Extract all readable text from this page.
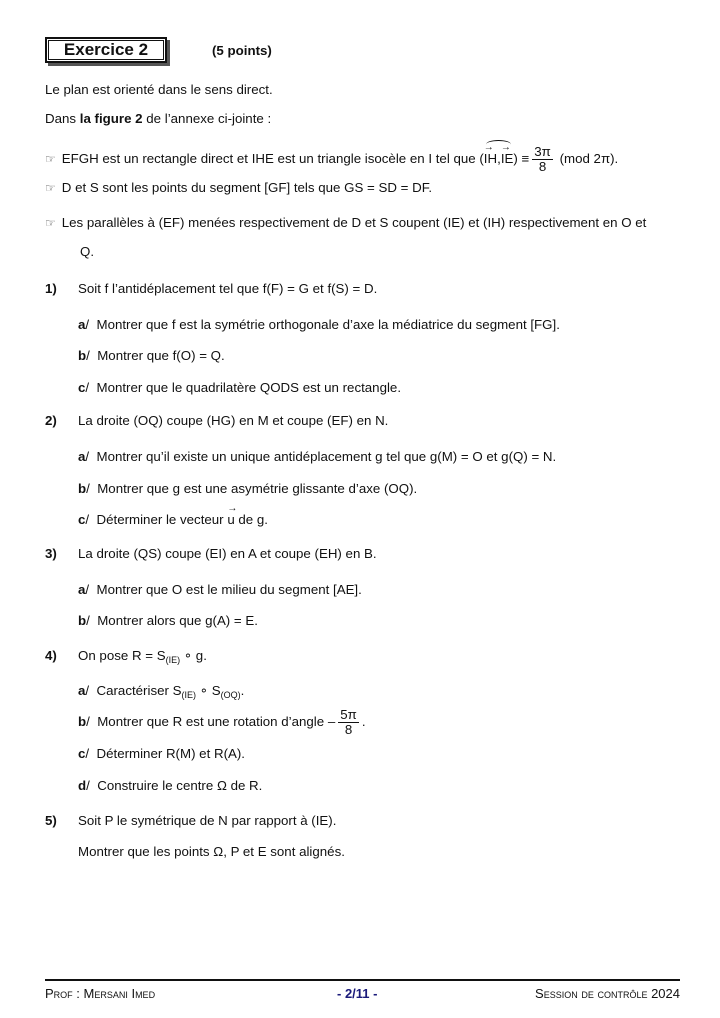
Exercice 2	(5 points)
Le plan est orienté dans le sens direct.
Dans la figure 2 de l’annexe ci-jointe :
☞ EFGH est un rectangle direct et IHE est un triangle isocèle en I tel que (→ $IH,\to IE) \equiv \frac{3\pi}{8} (mod$ 2π).
☞ D et S sont les points du segment [GF] tels que GS = SD = DF.
☞ Les parallèles à (EF) menées respectivement de D et S coupent (IE) et (IH) respectivement en O et
Q.
1) Soit f l’antidéplacement tel que f(F) = G et f(S) = D.
a/ Montrer que f est la symétrie orthogonale d’axe la médiatrice du segment [FG].
b/ Montrer que f(O) = Q.
c/ Montrer que le quadrilatère QODS est un rectangle.
2) La droite (OQ) coupe (HG) en M et coupe (EF) en N.
a/ Montrer qu’il existe un unique antidéplacement g tel que g(M) = O et g(Q) = N.
b/ Montrer que g est une asymétrie glissante d’axe (OQ).
c/ Déterminer le vecteur → u de g.
3) La droite (QS) coupe (EI) en A et coupe (EH) en B.
a/ Montrer que O est le milieu du segment [AE].
b/ Montrer alors que g(A) = E.
4) On pose $R = S_{(IE)}$ ∘ g.
a/ Caractériser $S_{(IE)}$ ∘ $S_{(OQ)}$.
b/ Montrer que R est une rotation d’angle – $\frac{5\pi}{8}$ .
c/ Déterminer R(M) et R(A).
d/ Construire le centre Ω de R.
5) Soit P le symétrique de N par rapport à (IE).
Montrer que les points Ω, P et E sont alignés.
Prof : Mersani Imed	- 2/11 -	Session de contrôle 2024
